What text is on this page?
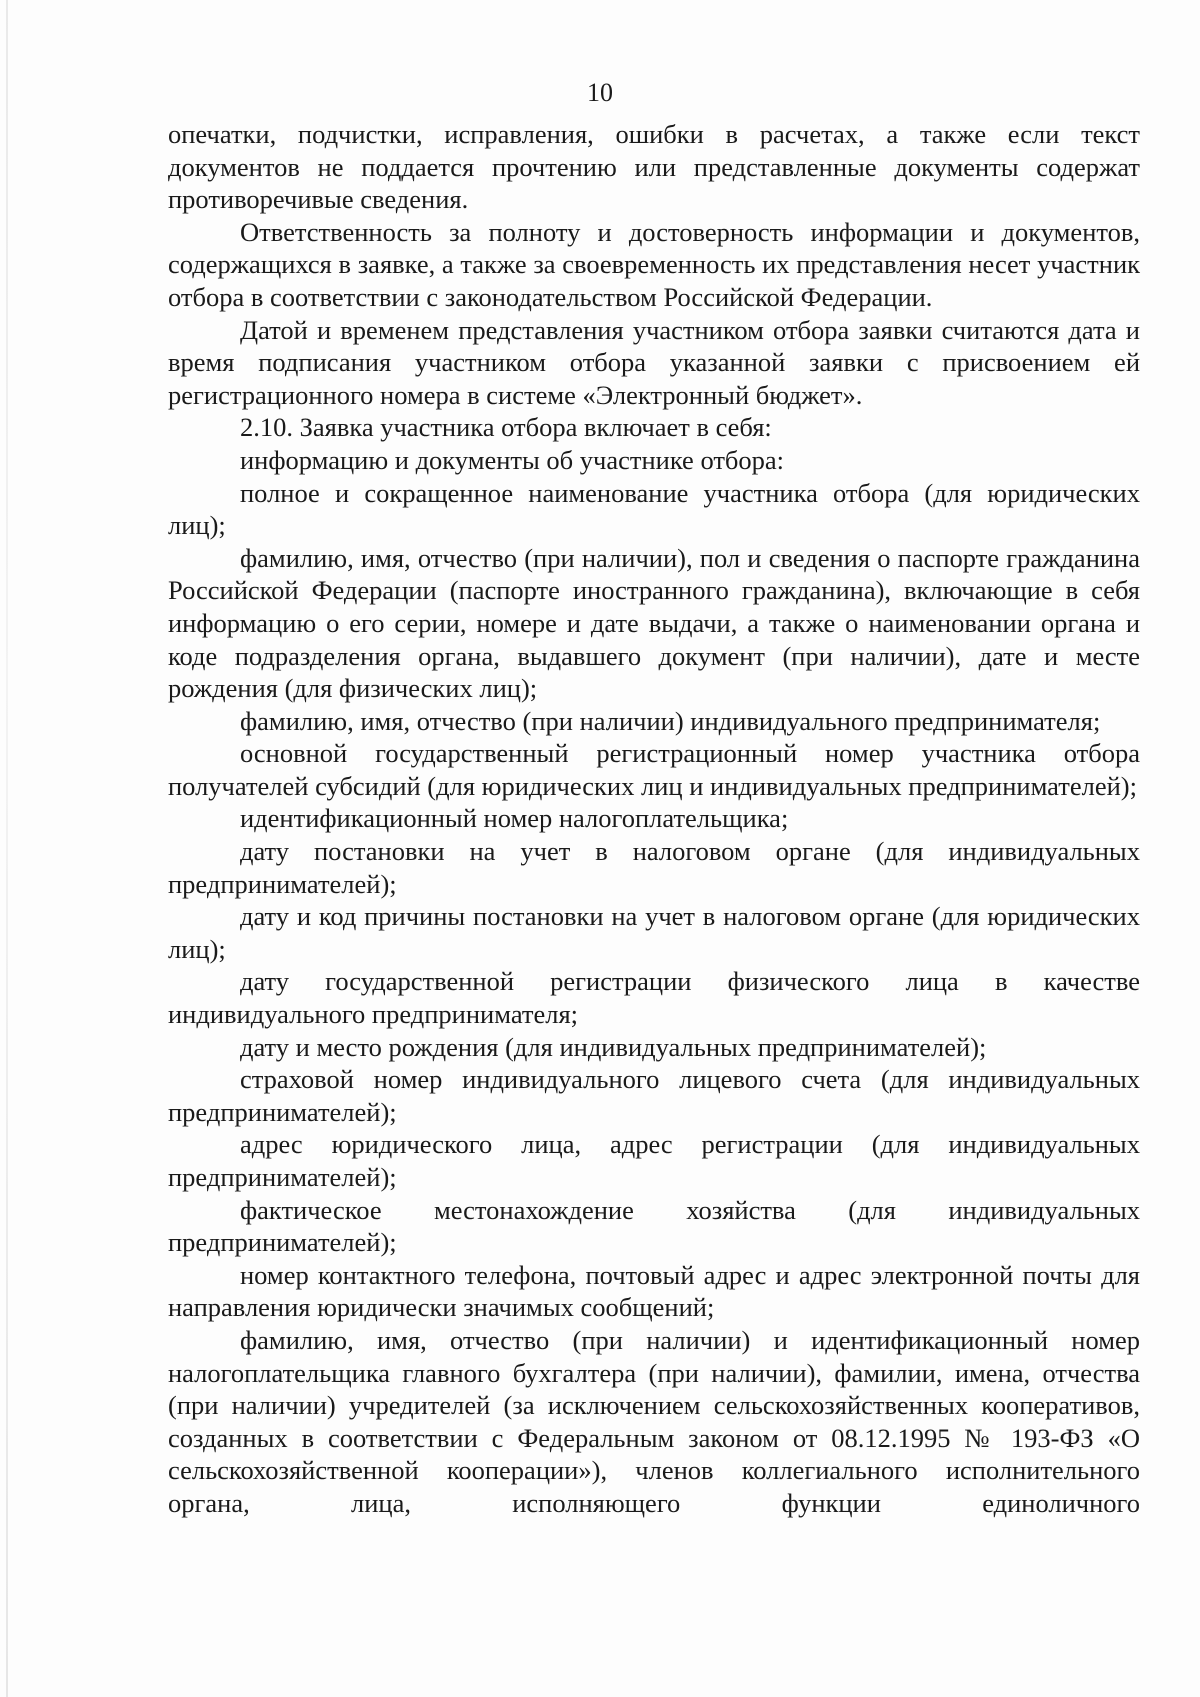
10

опечатки, подчистки, исправления, ошибки в расчетах, а также если текст документов не поддается прочтению или представленные документы содержат противоречивые сведения.

Ответственность за полноту и достоверность информации и документов, содержащихся в заявке, а также за своевременность их представления несет участник отбора в соответствии с законодательством Российской Федерации.

Датой и временем представления участником отбора заявки считаются дата и время подписания участником отбора указанной заявки с присвоением ей регистрационного номера в системе «Электронный бюджет».

2.10. Заявка участника отбора включает в себя:

информацию и документы об участнике отбора:

полное и сокращенное наименование участника отбора (для юридических лиц);

фамилию, имя, отчество (при наличии), пол и сведения о паспорте гражданина Российской Федерации (паспорте иностранного гражданина), включающие в себя информацию о его серии, номере и дате выдачи, а также о наименовании органа и коде подразделения органа, выдавшего документ (при наличии), дате и месте рождения (для физических лиц);

фамилию, имя, отчество (при наличии) индивидуального предпринимателя;

основной государственный регистрационный номер участника отбора получателей субсидий (для юридических лиц и индивидуальных предпринимателей);

идентификационный номер налогоплательщика;

дату постановки на учет в налоговом органе (для индивидуальных предпринимателей);

дату и код причины постановки на учет в налоговом органе (для юридических лиц);

дату государственной регистрации физического лица в качестве индивидуального предпринимателя;

дату и место рождения (для индивидуальных предпринимателей);

страховой номер индивидуального лицевого счета (для индивидуальных предпринимателей);

адрес юридического лица, адрес регистрации (для индивидуальных предпринимателей);

фактическое местонахождение хозяйства (для индивидуальных предпринимателей);

номер контактного телефона, почтовый адрес и адрес электронной почты для направления юридически значимых сообщений;

фамилию, имя, отчество (при наличии) и идентификационный номер налогоплательщика главного бухгалтера (при наличии), фамилии, имена, отчества (при наличии) учредителей (за исключением сельскохозяйственных кооперативов, созданных в соответствии с Федеральным законом от 08.12.1995 № 193-ФЗ «О сельскохозяйственной кооперации»), членов коллегиального исполнительного органа, лица, исполняющего функции единоличного
